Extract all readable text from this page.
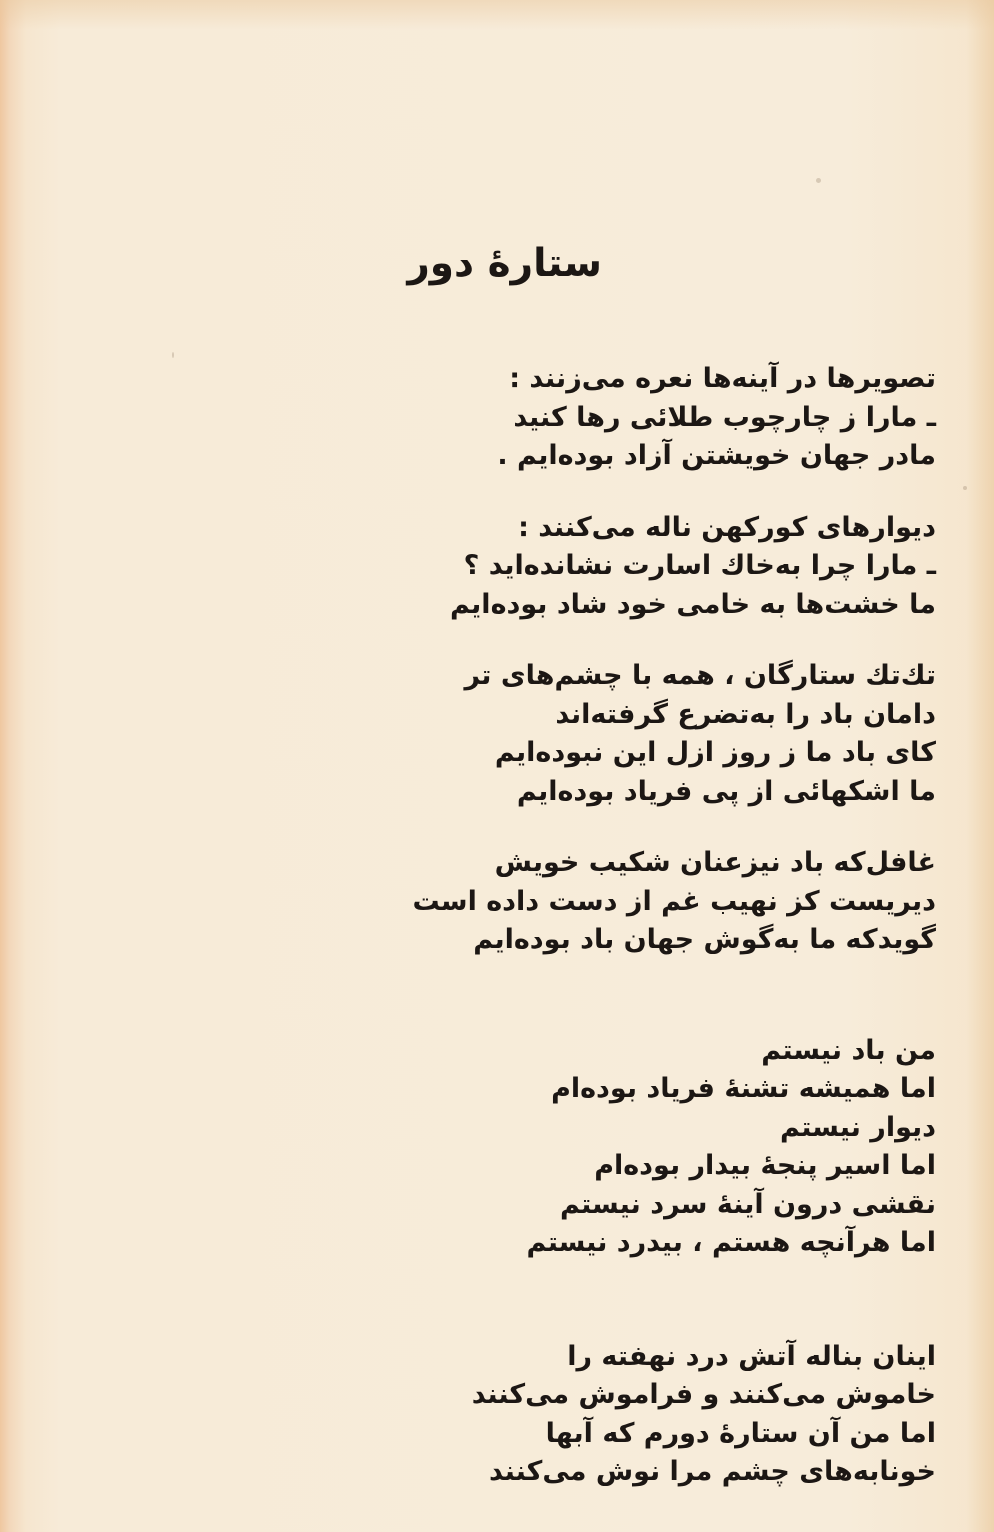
ستارهٔ دور
تصویرها در آینه‌ها نعره می‌زنند :
ـ مارا ز چارچوب طلائی رها کنید
مادر جهان خویشتن آزاد بوده‌ایم .
دیوارهای کورکهن ناله می‌کنند :
ـ مارا چرا به‌خاك اسارت نشانده‌اید ؟
ما خشت‌ها به خامی خود شاد بوده‌ایم
تك‌تك ستارگان ، همه با چشم‌های تر
دامان باد را به‌تضرع گرفته‌اند
کای باد ما ز روز ازل این نبوده‌ایم
ما اشکهائی از پی فریاد بوده‌ایم
غافل‌که باد نیزعنان شکیب خویش
دیریست کز نهیب غم از دست داده است
گویدکه ما به‌گوش جهان باد بوده‌ایم
من باد نیستم
اما همیشه تشنهٔ فریاد بوده‌ام
دیوار نیستم
اما اسیر پنجهٔ بیدار بوده‌ام
نقشی درون آینهٔ سرد نیستم
اما هرآنچه هستم ، بیدرد نیستم
اینان بناله آتش درد نهفته را
خاموش می‌کنند و فراموش می‌کنند
اما من آن ستارهٔ دورم که آبها
خونابه‌های چشم مرا نوش می‌کنند
